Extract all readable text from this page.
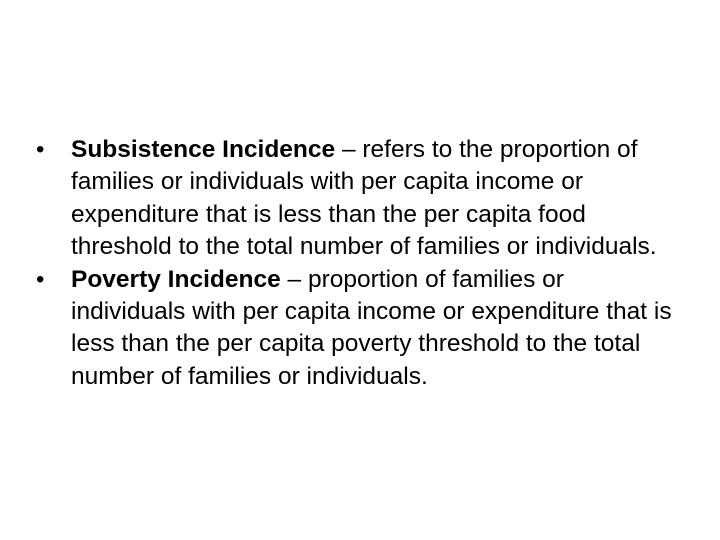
•	Subsistence Incidence – refers to the proportion of families or individuals with per capita income or expenditure that is less than the per capita food threshold to the total number of families or individuals.
•	Poverty Incidence – proportion of families or individuals with per capita income or expenditure that is less than the per capita poverty threshold to the total number of families or individuals.
